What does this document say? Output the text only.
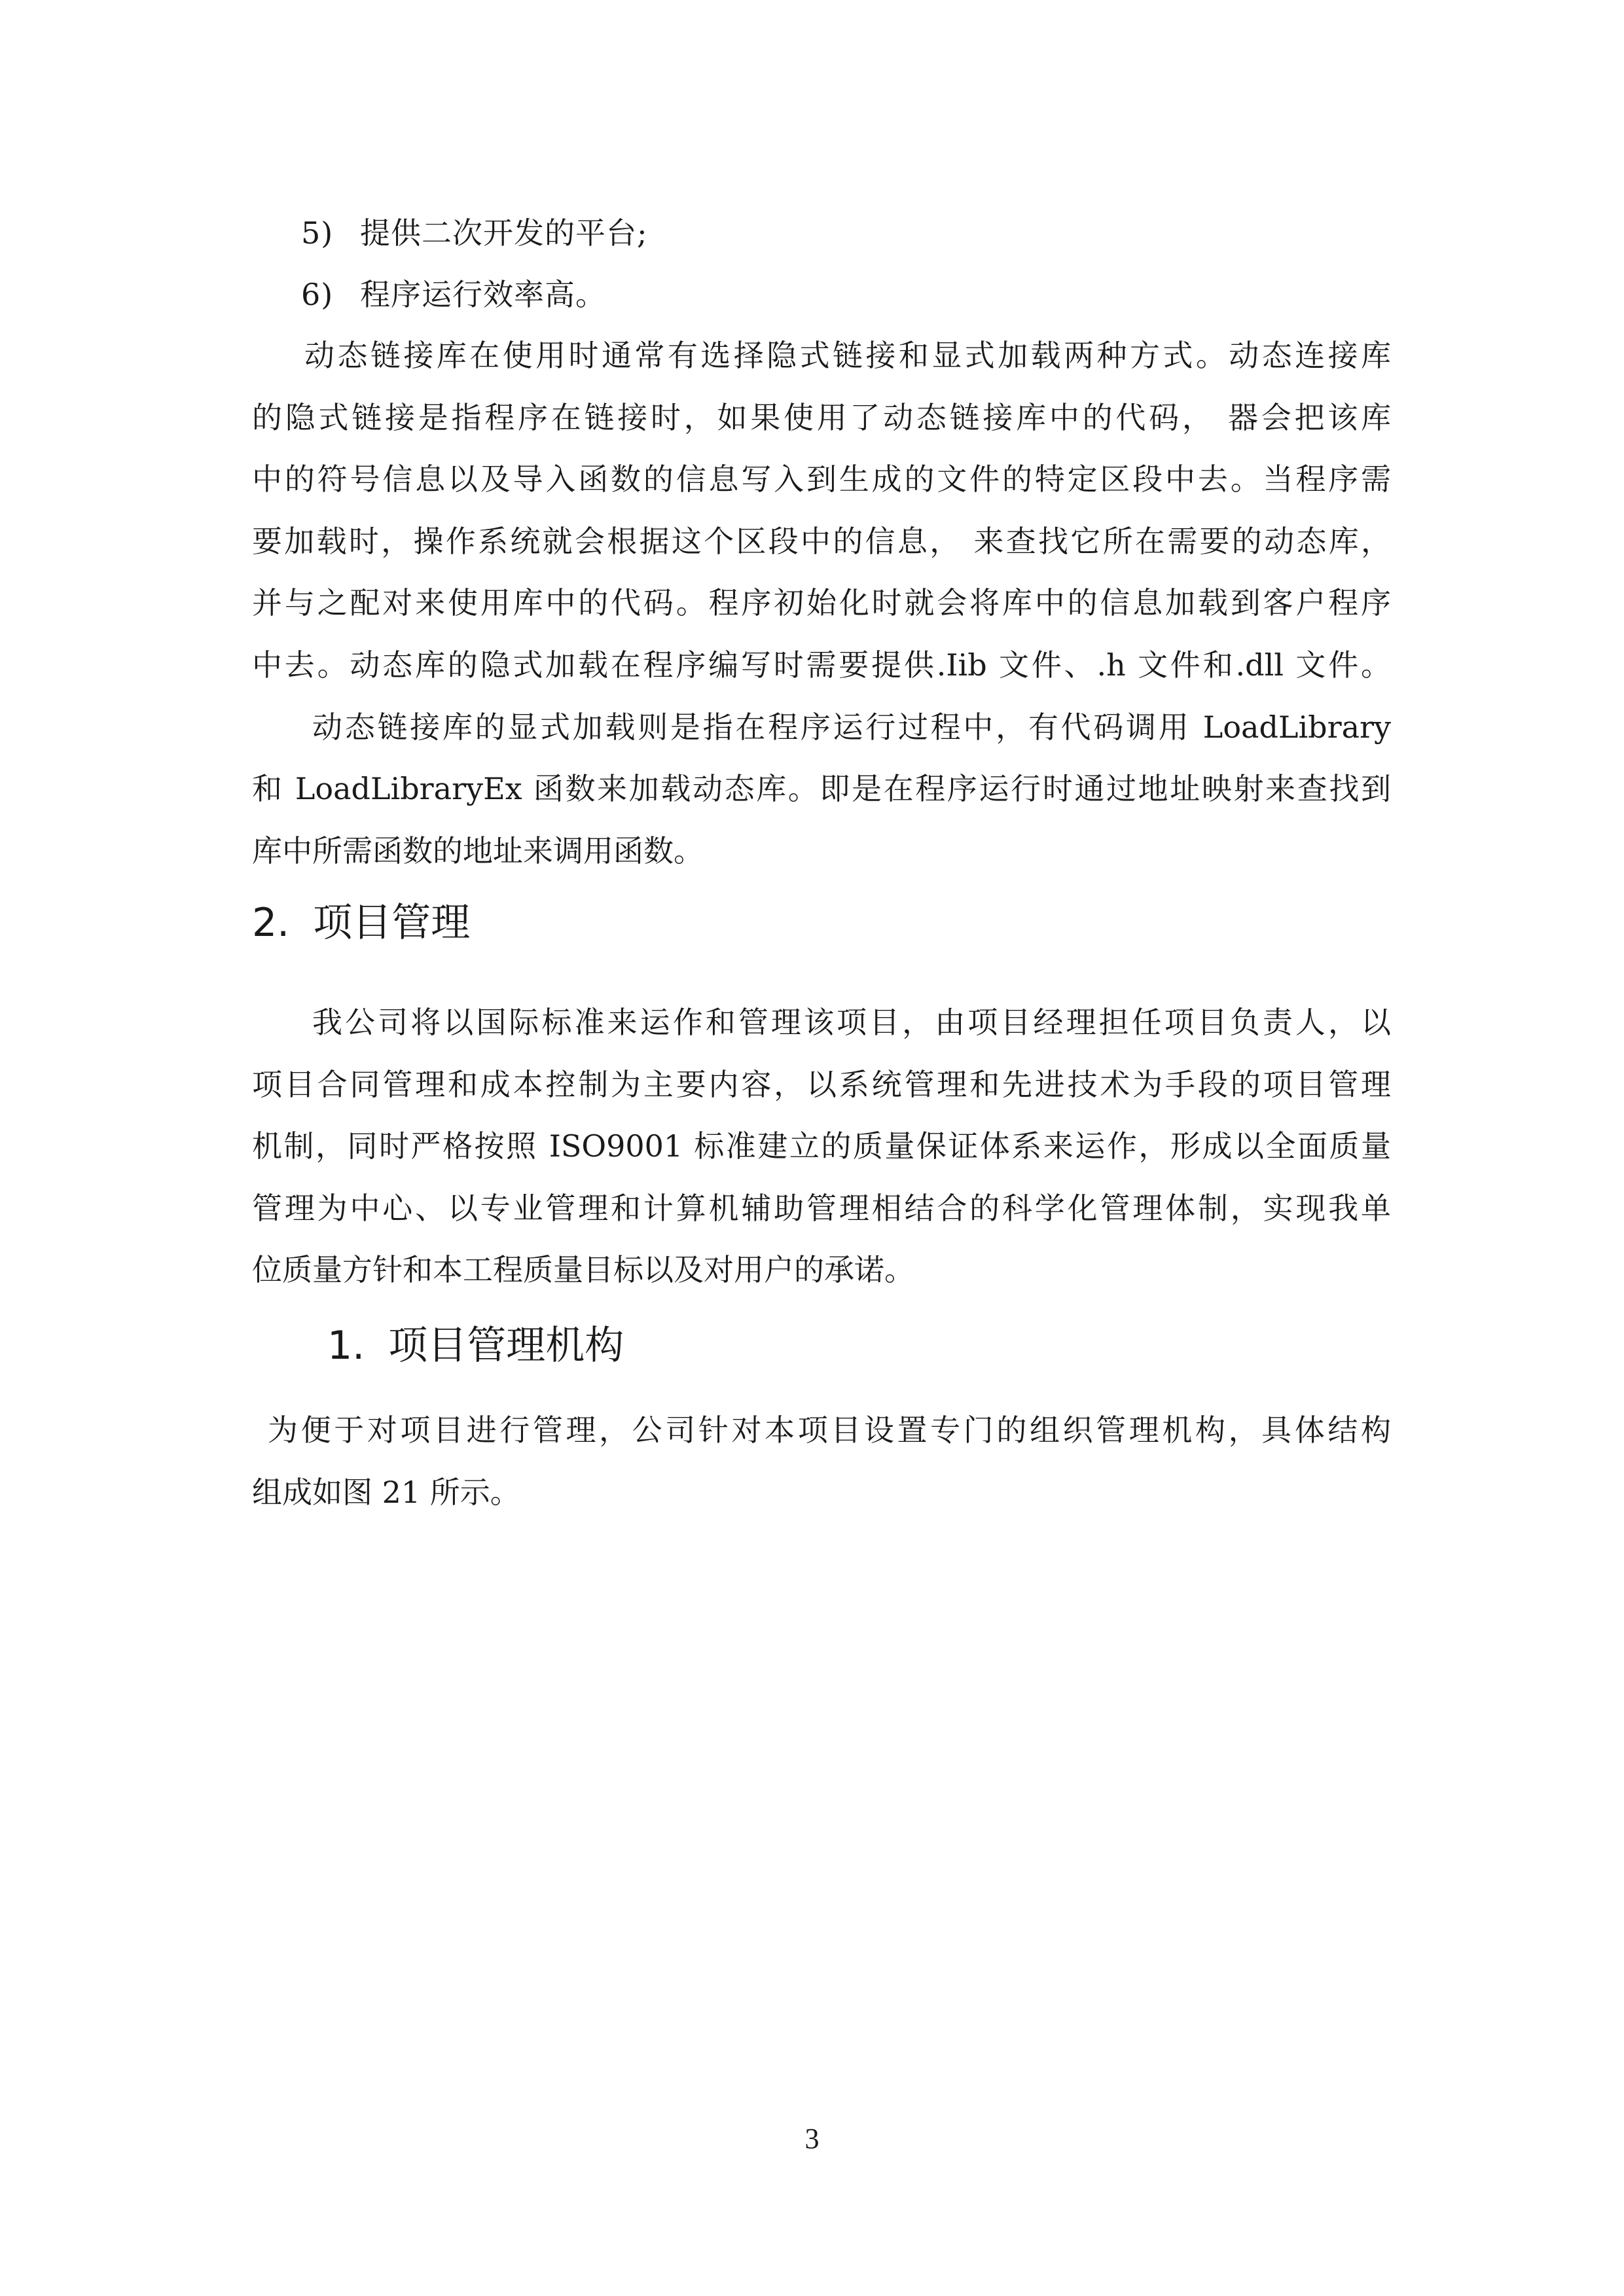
5) 提供二次开发的平台;
6) 程序运行效率高。
动态链接库在使用时通常有选择隐式链接和显式加载两种方式。动态连接库
的隐式链接是指程序在链接时，如果使用了动态链接库中的代码， 器会把该库
中的符号信息以及导入函数的信息写入到生成的文件的特定区段中去。当程序需
要加载时，操作系统就会根据这个区段中的信息， 来查找它所在需要的动态库，
并与之配对来使用库中的代码。程序初始化时就会将库中的信息加载到客户程序
中去。动态库的隐式加载在程序编写时需要提供.Iib 文件、.h 文件和.dll 文件。
动态链接库的显式加载则是指在程序运行过程中，有代码调用 LoadLibrary
和 LoadLibraryEx 函数来加载动态库。即是在程序运行时通过地址映射来查找到
库中所需函数的地址来调用函数。
2. 项目管理
我公司将以国际标准来运作和管理该项目，由项目经理担任项目负责人，以
项目合同管理和成本控制为主要内容，以系统管理和先进技术为手段的项目管理
机制，同时严格按照 ISO9001 标准建立的质量保证体系来运作，形成以全面质量
管理为中心、以专业管理和计算机辅助管理相结合的科学化管理体制，实现我单
位质量方针和本工程质量目标以及对用户的承诺。
1. 项目管理机构
为便于对项目进行管理，公司针对本项目设置专门的组织管理机构，具体结构
组成如图 21 所示。
3
